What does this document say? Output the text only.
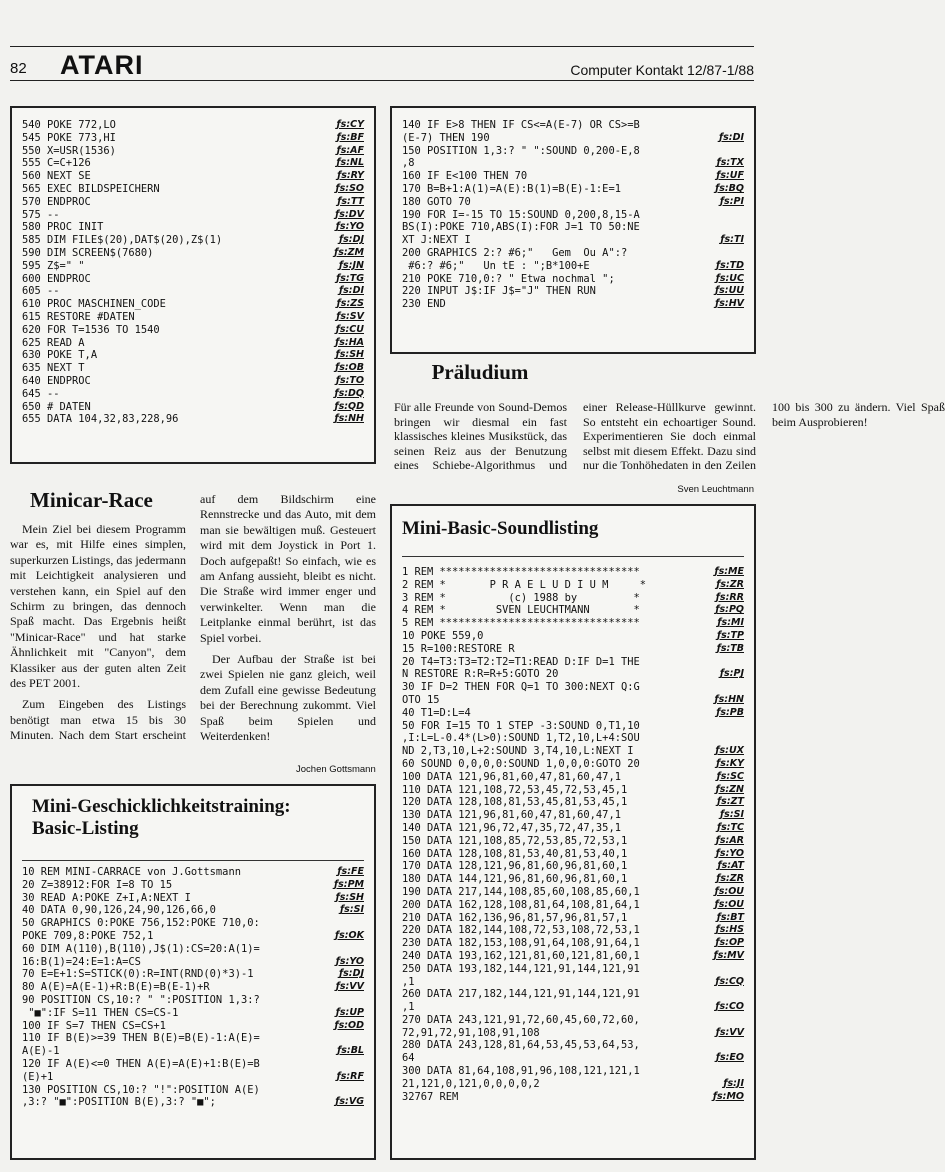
82 ATARI	Computer Kontakt 12/87-1/88
540 POKE 772,LO	ƒs:CY
545 POKE 773,HI	ƒs:BF
550 X=USR(1536)	ƒs:AF
555 C=C+126	ƒs:NL
560 NEXT SE	ƒs:RY
565 EXEC BILDSPEICHERN	ƒs:SO
570 ENDPROC	ƒs:TT
575 --	ƒs:DV
580 PROC INIT	ƒs:YO
585 DIM FILE$(20),DAT$(20),Z$(1)	ƒs:DJ
590 DIM SCREEN$(7680)	ƒs:ZM
595 Z$=" "	ƒs:JN
600 ENDPROC	ƒs:TG
605 --	ƒs:DI
610 PROC MASCHINEN_CODE	ƒs:ZS
615 RESTORE #DATEN	ƒs:SV
620 FOR T=1536 TO 1540	ƒs:CU
625 READ A	ƒs:HA
630 POKE T,A	ƒs:SH
635 NEXT T	ƒs:OB
640 ENDPROC	ƒs:TO
645 --	ƒs:DQ
650 # DATEN	ƒs:QD
655 DATA 104,32,83,228,96	ƒs:NH
140 IF E>8 THEN IF CS<=A(E-7) OR CS>=B
(E-7) THEN 190	ƒs:DI
150 POSITION 1,3:? " ":SOUND 0,200-E,8
,8	ƒs:TX
160 IF E<100 THEN 70	ƒs:UF
170 B=B+1:A(1)=A(E):B(1)=B(E)-1:E=1	ƒs:BQ
180 GOTO 70	ƒs:PI
190 FOR I=-15 TO 15:SOUND 0,200,8,15-A
BS(I):POKE 710,ABS(I):FOR J=1 TO 50:NE
XT J:NEXT I	ƒs:TI
200 GRAPHICS 2:? #6;"   Gem  Ou A":?
#6:? #6;"   Un tE : ";B*100+E	ƒs:TD
210 POKE 710,0:? " Etwa nochmal ";	ƒs:UC
220 INPUT J$:IF J$="J" THEN RUN	ƒs:UU
230 END	ƒs:HV
Präludium

Für alle Freunde von Sound-Demos bringen wir diesmal ein fast klassisches kleines Musikstück, das seinen Reiz aus der Benutzung eines Schiebe-Algorithmus und einer Release-Hüllkurve gewinnt. So entsteht ein echoartiger Sound. Experimentieren Sie doch einmal selbst mit diesem Effekt. Dazu sind nur die Tonhöhedaten in den Zeilen 100 bis 300 zu ändern. Viel Spaß beim Ausprobieren!

Sven Leuchtmann
Minicar-Race

Mein Ziel bei diesem Programm war es, mit Hilfe eines simplen, superkurzen Listings, das jedermann mit Leichtigkeit analysieren und verstehen kann, ein Spiel auf den Schirm zu bringen, das dennoch Spaß macht. Das Ergebnis heißt "Minicar-Race" und hat starke Ähnlichkeit mit "Canyon", dem Klassiker aus der guten alten Zeit des PET 2001.

Zum Eingeben des Listings benötigt man etwa 15 bis 30 Minuten. Nach dem Start erscheint auf dem Bildschirm eine Rennstrecke und das Auto, mit dem man sie bewältigen muß. Gesteuert wird mit dem Joystick in Port 1. Doch aufgepaßt! So einfach, wie es am Anfang aussieht, bleibt es nicht. Die Straße wird immer enger und verwinkelter. Wenn man die Leitplanke einmal berührt, ist das Spiel vorbei.

Der Aufbau der Straße ist bei zwei Spielen nie ganz gleich, weil dem Zufall eine gewisse Bedeutung bei der Berechnung zukommt. Viel Spaß beim Spielen und Weiterdenken!

Jochen Gottsmann
Mini-Geschicklichkeitstraining: Basic-Listing
10 REM MINI-CARRACE von J.Gottsmann	ƒs:FE
20 Z=38912:FOR I=8 TO 15	ƒs:PM
30 READ A:POKE Z+I,A:NEXT I	ƒs:SH
40 DATA 0,90,126,24,90,126,66,0	ƒs:SI
50 GRAPHICS 0:POKE 756,152:POKE 710,0:
POKE 709,8:POKE 752,1	ƒs:OK
60 DIM A(110),B(110),J$(1):CS=20:A(1)=
16:B(1)=24:E=1:A=CS	ƒs:YO
70 E=E+1:S=STICK(0):R=INT(RND(0)*3)-1	ƒs:DJ
80 A(E)=A(E-1)+R:B(E)=B(E-1)+R	ƒs:VV
90 POSITION CS,10:? " ":POSITION 1,3:?
"■":IF S=11 THEN CS=CS-1	ƒs:UP
100 IF S=7 THEN CS=CS+1	ƒs:OD
110 IF B(E)>=39 THEN B(E)=B(E)-1:A(E)=
A(E)-1	ƒs:BL
120 IF A(E)<=0 THEN A(E)=A(E)+1:B(E)=B
(E)+1	ƒs:RF
130 POSITION CS,10:? "!":POSITION A(E)
,3:? "■":POSITION B(E),3:? "■";	ƒs:VG
Mini-Basic-Soundlisting
1 REM ********************************	ƒs:ME
2 REM *       P R A E L U D I U M     *	ƒs:ZR
3 REM *          (c) 1988 by         *	ƒs:RR
4 REM *        SVEN LEUCHTMANN       *	ƒs:PQ
5 REM ********************************	ƒs:MI
10 POKE 559,0	ƒs:TP
15 R=100:RESTORE R	ƒs:TB
20 T4=T3:T3=T2:T2=T1:READ D:IF D=1 THE
N RESTORE R:R=R+5:GOTO 20	ƒs:PJ
30 IF D=2 THEN FOR Q=1 TO 300:NEXT Q:G
OTO 15	ƒs:HN
40 T1=D:L=4	ƒs:PB
50 FOR I=15 TO 1 STEP -3:SOUND 0,T1,10
,I:L=L-0.4*(L>0):SOUND 1,T2,10,L+4:SOU
ND 2,T3,10,L+2:SOUND 3,T4,10,L:NEXT I	ƒs:UX
60 SOUND 0,0,0,0:SOUND 1,0,0,0:GOTO 20	ƒs:KY
100 DATA 121,96,81,60,47,81,60,47,1	ƒs:SC
110 DATA 121,108,72,53,45,72,53,45,1	ƒs:ZN
120 DATA 128,108,81,53,45,81,53,45,1	ƒs:ZT
130 DATA 121,96,81,60,47,81,60,47,1	ƒs:SI
140 DATA 121,96,72,47,35,72,47,35,1	ƒs:TC
150 DATA 121,108,85,72,53,85,72,53,1	ƒs:AR
160 DATA 128,108,81,53,40,81,53,40,1	ƒs:YO
170 DATA 128,121,96,81,60,96,81,60,1	ƒs:AT
180 DATA 144,121,96,81,60,96,81,60,1	ƒs:ZR
190 DATA 217,144,108,85,60,108,85,60,1	ƒs:OU
200 DATA 162,128,108,81,64,108,81,64,1	ƒs:OU
210 DATA 162,136,96,81,57,96,81,57,1	ƒs:BT
220 DATA 182,144,108,72,53,108,72,53,1	ƒs:HS
230 DATA 182,153,108,91,64,108,91,64,1	ƒs:OP
240 DATA 193,162,121,81,60,121,81,60,1	ƒs:MV
250 DATA 193,182,144,121,91,144,121,91
,1	ƒs:CQ
260 DATA 217,182,144,121,91,144,121,91
,1	ƒs:CO
270 DATA 243,121,91,72,60,45,60,72,60,
72,91,72,91,108,91,108	ƒs:VV
280 DATA 243,128,81,64,53,45,53,64,53,
64	ƒs:EO
300 DATA 81,64,108,91,96,108,121,121,1
21,121,0,121,0,0,0,0,2	ƒs:JI
32767 REM	ƒs:MO
